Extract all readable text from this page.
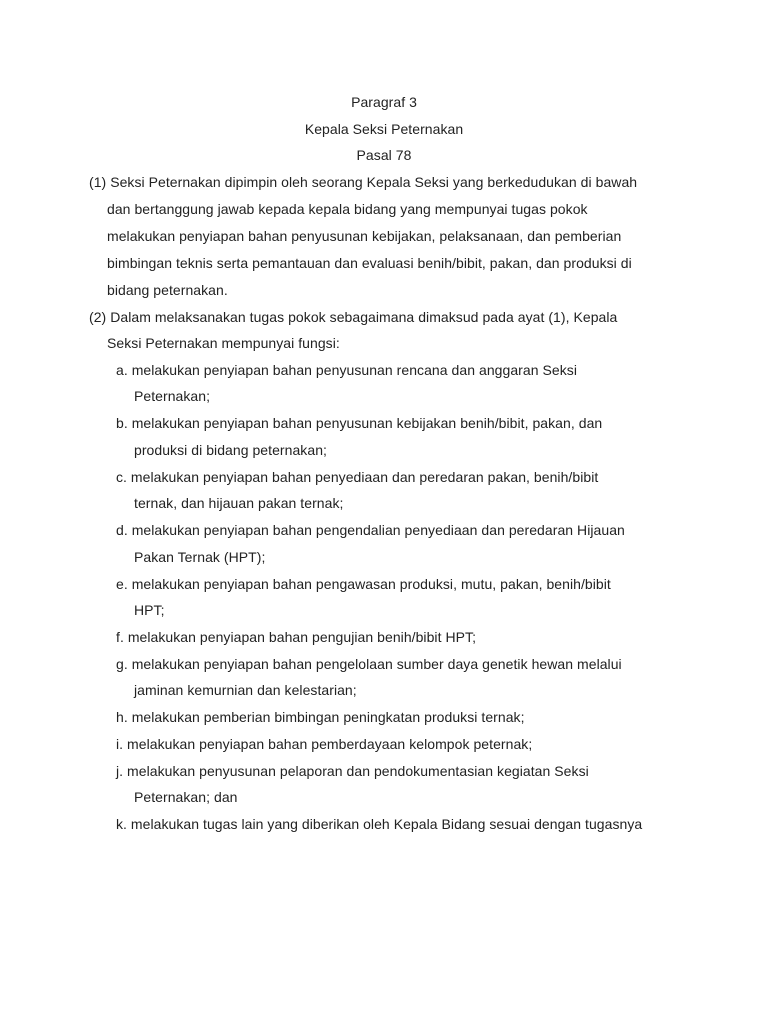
Paragraf 3
Kepala Seksi Peternakan
Pasal 78
(1) Seksi Peternakan dipimpin oleh seorang Kepala Seksi yang berkedudukan di bawah
dan bertanggung jawab kepada kepala bidang yang mempunyai tugas pokok
melakukan penyiapan bahan penyusunan kebijakan, pelaksanaan, dan pemberian
bimbingan teknis serta pemantauan dan evaluasi benih/bibit, pakan, dan produksi di
bidang peternakan.
(2) Dalam melaksanakan tugas pokok sebagaimana dimaksud pada ayat (1), Kepala
Seksi Peternakan mempunyai fungsi:
a. melakukan penyiapan bahan penyusunan rencana dan anggaran Seksi
Peternakan;
b. melakukan penyiapan bahan penyusunan kebijakan benih/bibit, pakan, dan
produksi di bidang peternakan;
c. melakukan penyiapan bahan penyediaan dan peredaran pakan, benih/bibit
ternak, dan hijauan pakan ternak;
d. melakukan penyiapan bahan pengendalian penyediaan dan peredaran Hijauan
Pakan Ternak (HPT);
e. melakukan penyiapan bahan pengawasan produksi, mutu, pakan, benih/bibit
HPT;
f. melakukan penyiapan bahan pengujian benih/bibit HPT;
g. melakukan penyiapan bahan pengelolaan sumber daya genetik hewan melalui
jaminan kemurnian dan kelestarian;
h. melakukan pemberian bimbingan peningkatan produksi ternak;
i. melakukan penyiapan bahan pemberdayaan kelompok peternak;
j. melakukan penyusunan pelaporan dan pendokumentasian kegiatan Seksi
Peternakan; dan
k. melakukan tugas lain yang diberikan oleh Kepala Bidang sesuai dengan tugasnya
